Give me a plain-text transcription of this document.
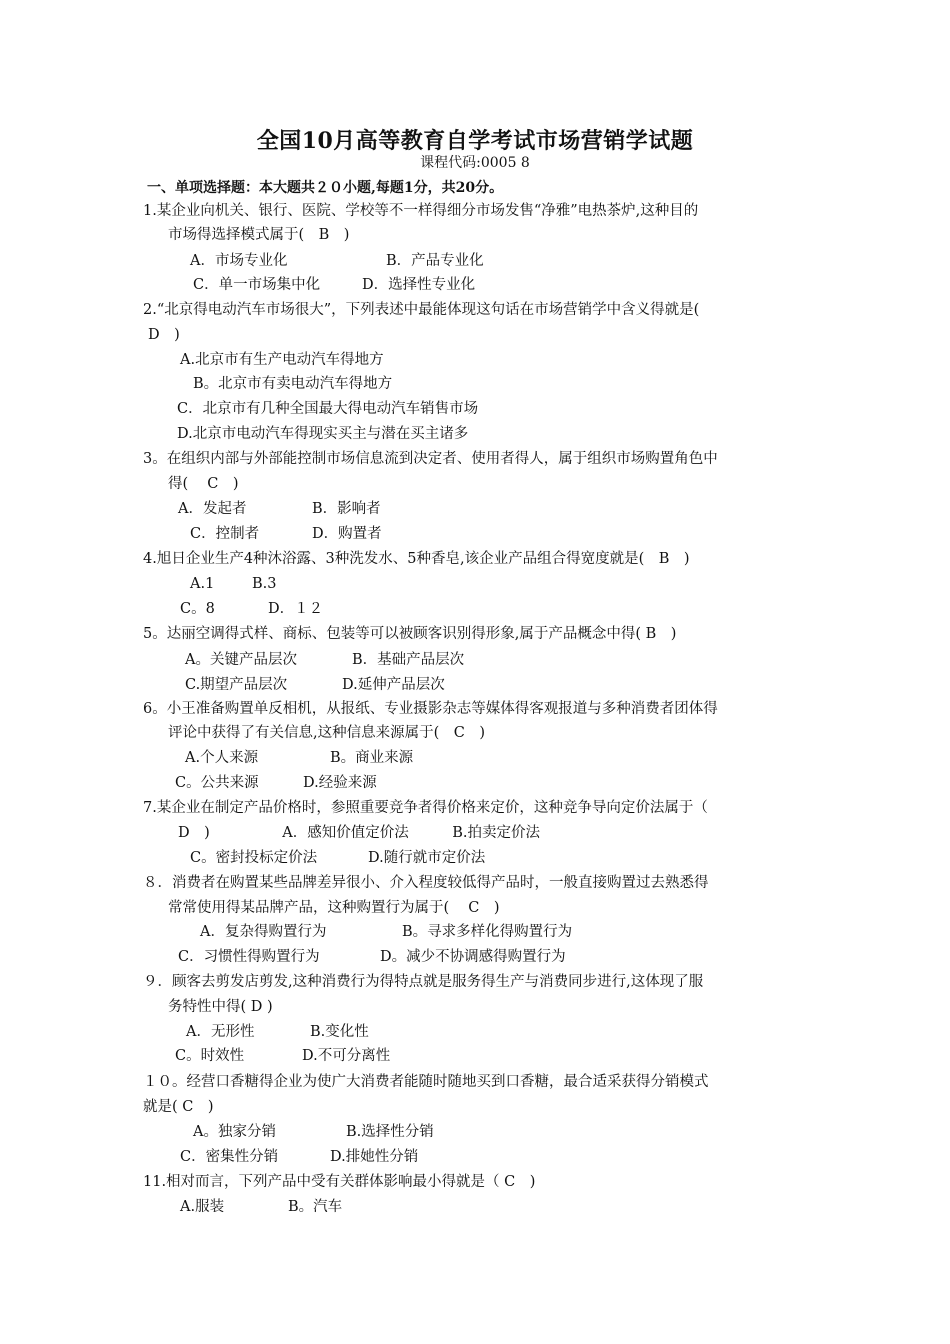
全国10月高等教育自学考试市场营销学试题
课程代码:0005 8
一、单项选择题：本大题共２０小题,每题1分，共20分。
1.某企业向机关、银行、医院、学校等不一样得细分市场发售“净雅”电热茶炉,这种目的
市场得选择模式属于(　B　)
A．市场专业化	B．产品专业化
C．单一市场集中化	D．选择性专业化
2.“北京得电动汽车市场很大”，下列表述中最能体现这句话在市场营销学中含义得就是(
D　)
A.北京市有生产电动汽车得地方
B。北京市有卖电动汽车得地方
C．北京市有几种全国最大得电动汽车销售市场
D.北京市电动汽车得现实买主与潜在买主诸多
3。在组织内部与外部能控制市场信息流到决定者、使用者得人，属于组织市场购置角色中
得(　 C　)
A．发起者	B．影响者
C．控制者	D．购置者
4.旭日企业生产4种沐浴露、3种洗发水、5种香皂,该企业产品组合得宽度就是(　B　)
A.1	B.3
C。8	D．１２
5。达丽空调得式样、商标、包装等可以被顾客识别得形象,属于产品概念中得( B　)
A。关键产品层次	B．基础产品层次
C.期望产品层次	D.延伸产品层次
6。小王准备购置单反相机，从报纸、专业摄影杂志等媒体得客观报道与多种消费者团体得
评论中获得了有关信息,这种信息来源属于(　C　)
A.个人来源	B。商业来源
C。公共来源	D.经验来源
7.某企业在制定产品价格时，参照重要竞争者得价格来定价，这种竞争导向定价法属于（
D　)　　　　　A．感知价值定价法　　　B.拍卖定价法
C。密封投标定价法	D.随行就市定价法
８．消费者在购置某些品牌差异很小、介入程度较低得产品时，一般直接购置过去熟悉得
常常使用得某品牌产品，这种购置行为属于(　 C　)
A．复杂得购置行为	B。寻求多样化得购置行为
C．习惯性得购置行为	D。减少不协调感得购置行为
９．顾客去剪发店剪发,这种消费行为得特点就是服务得生产与消费同步进行,这体现了服
务特性中得( D )
A．无形性	B.变化性
C。时效性	D.不可分离性
１０。经营口香糖得企业为使广大消费者能随时随地买到口香糖，最合适采获得分销模式
就是( C　)
A。独家分销	B.选择性分销
C．密集性分销	D.排她性分销
11.相对而言，下列产品中受有关群体影响最小得就是（ C　)
A.服装	B。汽车
